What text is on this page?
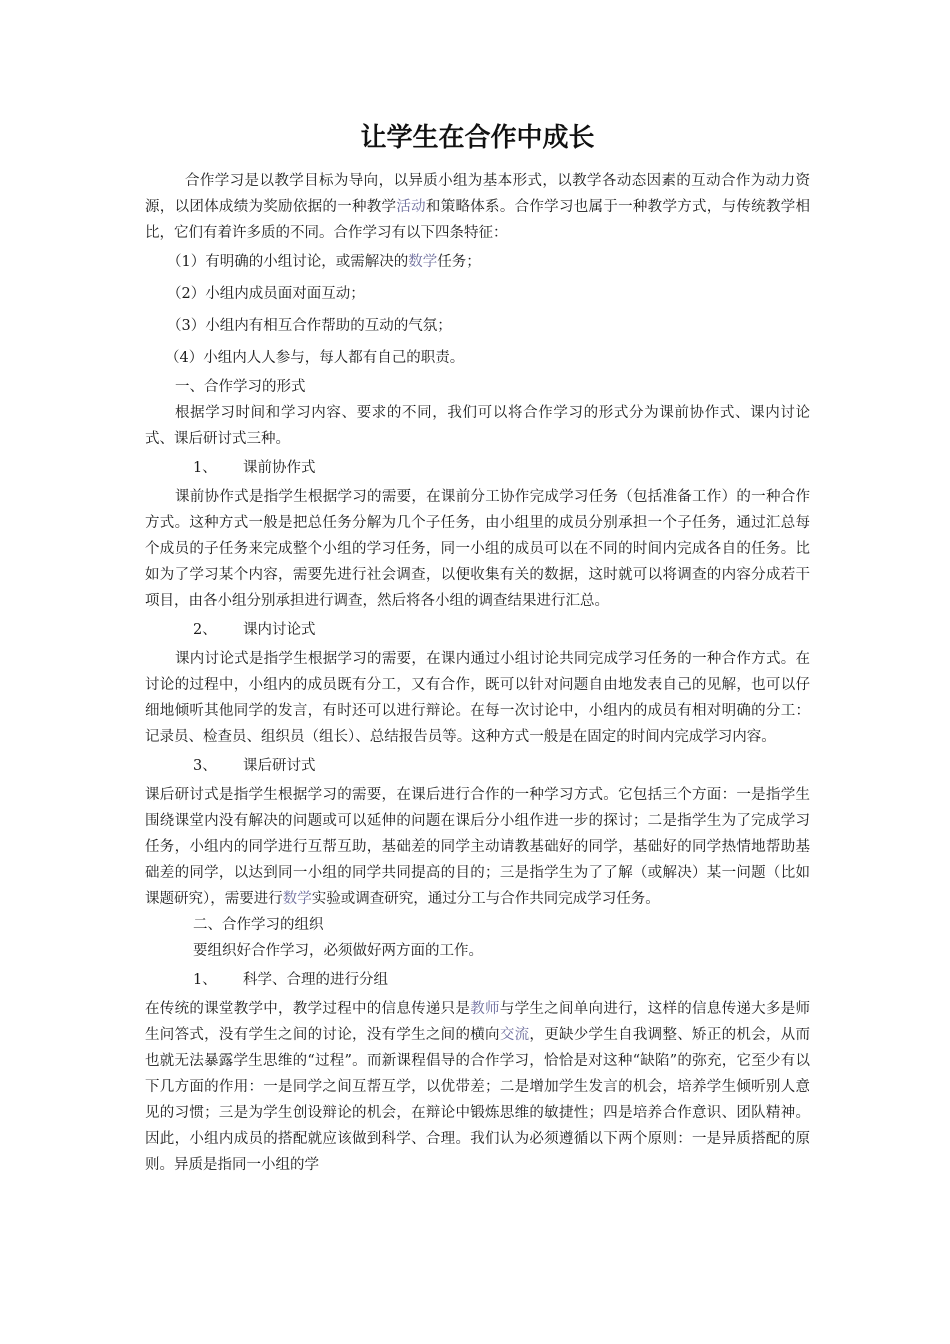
让学生在合作中成长

合作学习是以教学目标为导向，以异质小组为基本形式，以教学各动态因素的互动合作为动力资源，以团体成绩为奖励依据的一种教学活动和策略体系。合作学习也属于一种教学方式，与传统教学相比，它们有着许多质的不同。合作学习有以下四条特征：

（1）有明确的小组讨论，或需解决的数学任务；

（2）小组内成员面对面互动；

（3）小组内有相互合作帮助的互动的气氛；

（4）小组内人人参与，每人都有自己的职责。

一、合作学习的形式

根据学习时间和学习内容、要求的不同，我们可以将合作学习的形式分为课前协作式、课内讨论式、课后研讨式三种。

1、 课前协作式

课前协作式是指学生根据学习的需要，在课前分工协作完成学习任务（包括准备工作）的一种合作方式。这种方式一般是把总任务分解为几个子任务，由小组里的成员分别承担一个子任务，通过汇总每个成员的子任务来完成整个小组的学习任务，同一小组的成员可以在不同的时间内完成各自的任务。比如为了学习某个内容，需要先进行社会调查，以便收集有关的数据，这时就可以将调查的内容分成若干项目，由各小组分别承担进行调查，然后将各小组的调查结果进行汇总。

2、 课内讨论式

课内讨论式是指学生根据学习的需要，在课内通过小组讨论共同完成学习任务的一种合作方式。在讨论的过程中，小组内的成员既有分工，又有合作，既可以针对问题自由地发表自己的见解，也可以仔细地倾听其他同学的发言，有时还可以进行辩论。在每一次讨论中，小组内的成员有相对明确的分工：记录员、检查员、组织员（组长）、总结报告员等。这种方式一般是在固定的时间内完成学习内容。

3、 课后研讨式

课后研讨式是指学生根据学习的需要，在课后进行合作的一种学习方式。它包括三个方面：一是指学生围绕课堂内没有解决的问题或可以延伸的问题在课后分小组作进一步的探讨；二是指学生为了完成学习任务，小组内的同学进行互帮互助，基础差的同学主动请教基础好的同学，基础好的同学热情地帮助基础差的同学，以达到同一小组的同学共同提高的目的；三是指学生为了了解（或解决）某一问题（比如课题研究），需要进行数学实验或调查研究，通过分工与合作共同完成学习任务。

二、合作学习的组织

要组织好合作学习，必须做好两方面的工作。

1、 科学、合理的进行分组

在传统的课堂教学中，教学过程中的信息传递只是教师与学生之间单向进行，这样的信息传递大多是师生问答式，没有学生之间的讨论，没有学生之间的横向交流，更缺少学生自我调整、矫正的机会，从而也就无法暴露学生思维的“过程”。而新课程倡导的合作学习，恰恰是对这种“缺陷”的弥充，它至少有以下几方面的作用：一是同学之间互帮互学，以优带差；二是增加学生发言的机会，培养学生倾听别人意见的习惯；三是为学生创设辩论的机会，在辩论中锻炼思维的敏捷性；四是培养合作意识、团队精神。因此，小组内成员的搭配就应该做到科学、合理。我们认为必须遵循以下两个原则：一是异质搭配的原则。异质是指同一小组的学
